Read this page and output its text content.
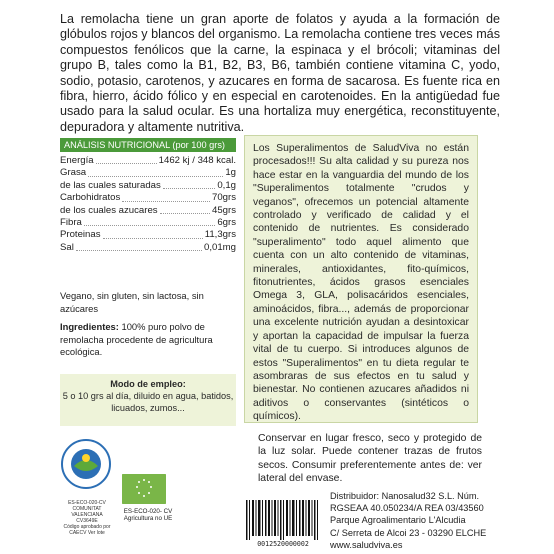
La remolacha tiene un gran aporte de folatos y ayuda a la formación de glóbulos rojos y blancos del organismo. La remolacha contiene tres veces más compuestos fenólicos que la carne, la espinaca y el brócoli; vitaminas del grupo B, tales como la B1, B2, B3, B6, también contiene vitamina C, yodo, sodio, potasio, carotenos, y azucares en forma de sacarosa. Es fuente rica en fibra, hierro, ácido fólico y en especial en carotenoides. En la antigüedad fue usado para la salud ocular. Es una hortaliza muy energética, reconstituyente, depuradora y altamente nutritiva.
ANÁLISIS NUTRICIONAL (por 100 grs)
Energía	1462 kj / 348 kcal.
Grasa	1g
de las cuales saturadas	0,1g
Carbohidratos	70grs
de los cuales azucares	45grs
Fibra	6grs
Proteinas	11,3grs
Sal	0,01mg

Vegano, sin gluten, sin lactosa, sin azúcares

Ingredientes: 100% puro polvo de remolacha procedente de agricultura ecológica.

Modo de empleo:
5 o 10 grs al día, diluido en agua, batidos, licuados, zumos...
Los Superalimentos de SaludViva no están procesados!!! Su alta calidad y su pureza nos hace estar en la vanguardia del mundo de los "Superalimentos totalmente "crudos y veganos", ofrecemos un potencial altamente controlado y verificado de calidad y el contenido de nutrientes. Es considerado "superalimento" todo aquel alimento que cuenta con un alto contenido de vitaminas, minerales, antioxidantes, fito-químicos, fitonutrientes, ácidos grasos esenciales Omega 3, GLA, polisacáridos esenciales, aminoácidos, fibra..., además de proporcionar una excelente nutrición ayudan a desintoxicar y aportan la capacidad de impulsar la fuerza vital de tu cuerpo. Si introduces algunos de estos "Superalimentos" en tu dieta regular te asombraras de sus efectos en tu salud y bienestar. No contienen azucares añadidos ni aditivos o conservantes (sintéticos o químicos).
Conservar en lugar fresco, seco y protegido de la luz solar. Puede contener trazas de frutos secos. Consumir preferentemente antes de: ver lateral del envase.
Distribuidor: Nanosalud32 S.L. Núm.
RGSEAA 40.050234/A REA 03/43560
Parque Agroalimentario L'Alcudia
C/ Serreta de Alcoi 23 - 03290 ELCHE
www.saludviva.es
ES-ECO-020-CV
COMUNITAT VALENCIANA
CV3649E
Código aprobado por CAECV Ver lote
ES-ECO-020- CV
Agricultura no UE
0012520000002
